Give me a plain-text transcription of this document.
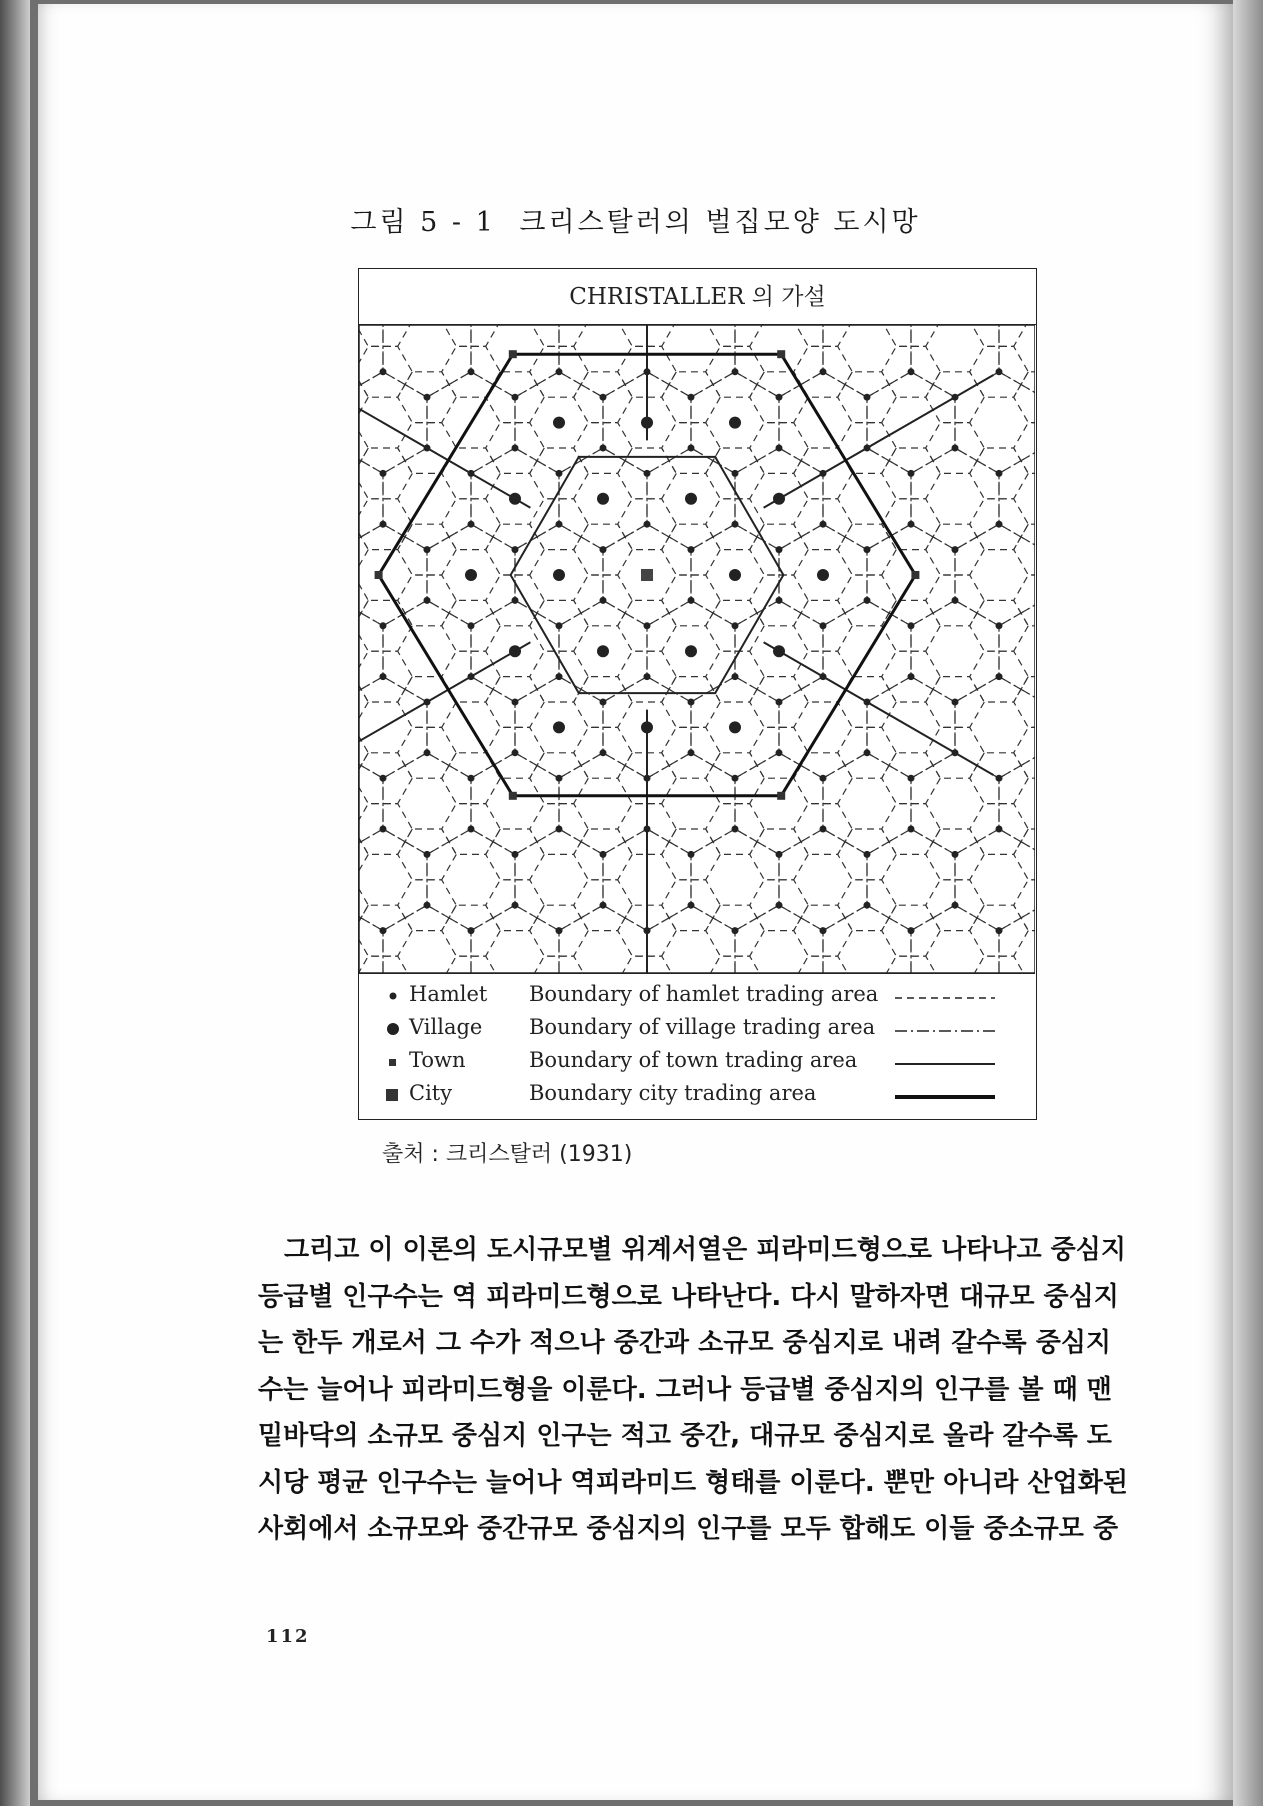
그림 5 - 1 크리스탈러의 벌집모양 도시망
CHRISTALLER 의 가설
Hamlet Boundary of hamlet trading area
Village Boundary of village trading area
Town	Boundary of town trading area
City	Boundary city trading area
출처 : 크리스탈러 (1931)
그리고 이 이론의 도시규모별 위계서열은 피라미드형으로 나타나고 중심지
등급별 인구수는 역 피라미드형으로 나타난다. 다시 말하자면 대규모 중심지
는 한두 개로서 그 수가 적으나 중간과 소규모 중심지로 내려 갈수록 중심지
수는 늘어나 피라미드형을 이룬다. 그러나 등급별 중심지의 인구를 볼 때 맨
밑바닥의 소규모 중심지 인구는 적고 중간, 대규모 중심지로 올라 갈수록 도
시당 평균 인구수는 늘어나 역피라미드 형태를 이룬다. 뿐만 아니라 산업화된
사회에서 소규모와 중간규모 중심지의 인구를 모두 합해도 이들 중소규모 중
112
